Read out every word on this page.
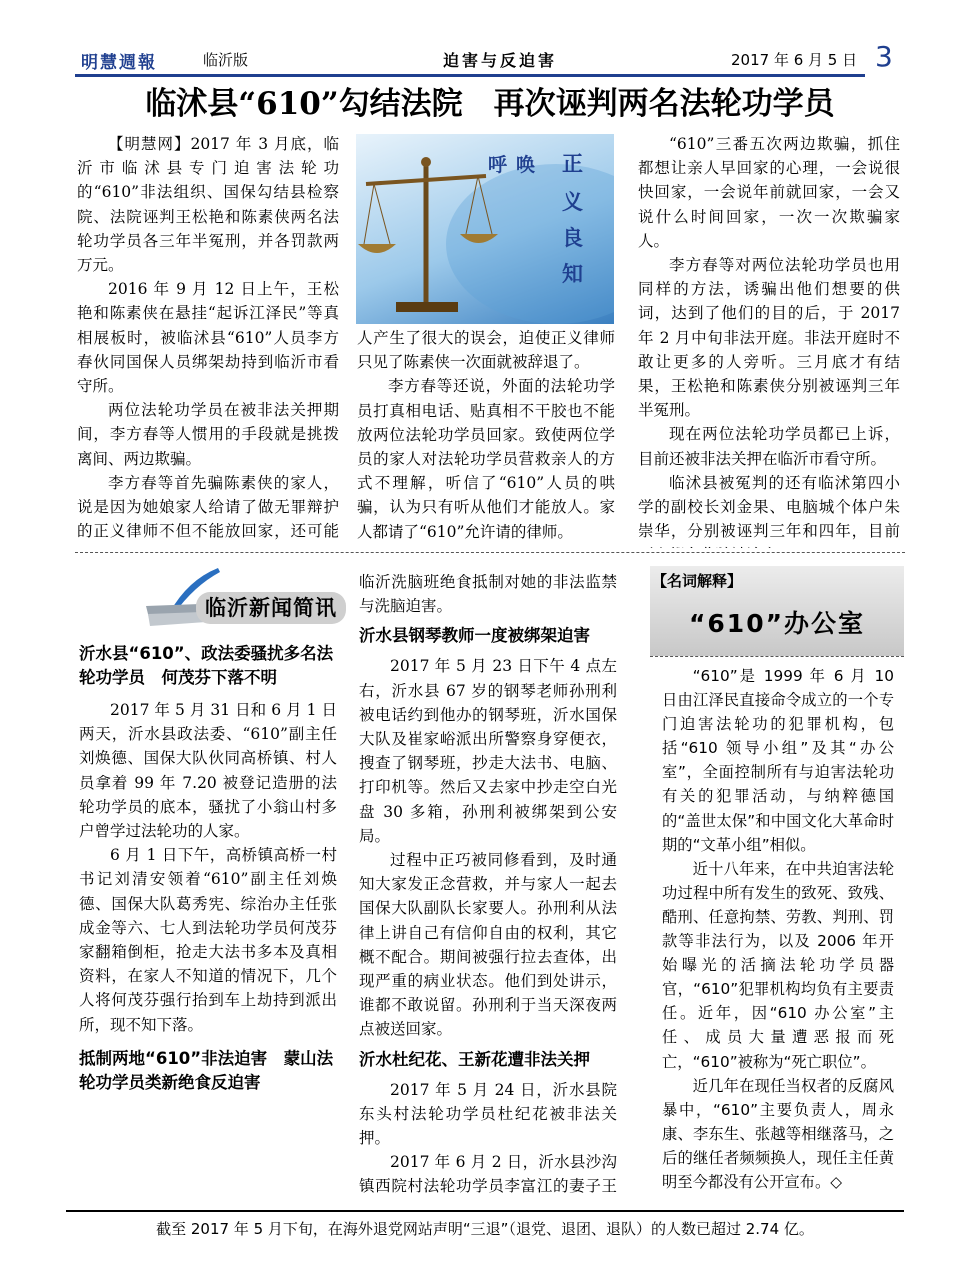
明慧週報	临沂版	迫害与反迫害	2017 年 6 月 5 日 3
临沭县“610”勾结法院　再次诬判两名法轮功学员

【明慧网】2017 年 3 月底，临沂市临沭县专门迫害法轮功的“610”非法组织、国保勾结县检察院、法院诬判王松艳和陈素侠两名法轮功学员各三年半冤刑，并各罚款两万元。

2016 年 9 月 12 日上午，王松艳和陈素侠在悬挂“起诉江泽民”等真相展板时，被临沭县“610”人员李方春伙同国保人员绑架劫持到临沂市看守所。

两位法轮功学员在被非法关押期间，李方春等人惯用的手段就是挑拨离间、两边欺骗。

李方春等首先骗陈素侠的家人，说是因为她娘家人给请了做无罪辩护的正义律师不但不能放回家，还可能

呼 唤 正
义
良
知

人产生了很大的误会，迫使正义律师只见了陈素侠一次面就被辞退了。

李方春等还说，外面的法轮功学员打真相电话、贴真相不干胶也不能放两位法轮功学员回家。致使两位学员的家人对法轮功学员营救亲人的方式不理解，听信了“610”人员的哄骗，认为只有听从他们才能放人。家人都请了“610”允许请的律师。

“610”三番五次两边欺骗，抓住都想让亲人早回家的心理，一会说很快回家，一会说年前就回家，一会又说什么时间回家，一次一次欺骗家人。

李方春等对两位法轮功学员也用同样的方法，诱骗出他们想要的供词，达到了他们的目的后，于 2017 年 2 月中旬非法开庭。非法开庭时不敢让更多的人旁听。三月底才有结果，王松艳和陈素侠分别被诬判三年半冤刑。

现在两位法轮功学员都已上诉，目前还被非法关押在临沂市看守所。

临沭县被冤判的还有临沭第四小学的副校长刘金果、电脑城个体户朱崇华，分别被诬判三年和四年，目前

临沂新闻简讯
沂水县“610”、政法委骚扰多名法轮功学员　何茂芬下落不明

2017 年 5 月 31 日和 6 月 1 日两天，沂水县政法委、“610”副主任刘焕德、国保大队伙同高桥镇、村人员拿着 99 年 7.20 被登记造册的法轮功学员的底本，骚扰了小翁山村多户曾学过法轮功的人家。

6 月 1 日下午，高桥镇高桥一村书记刘清安领着“610”副主任刘焕德、国保大队葛秀宪、综治办主任张成金等六、七人到法轮功学员何茂芬家翻箱倒柜，抢走大法书多本及真相资料，在家人不知道的情况下，几个人将何茂芬强行抬到车上劫持到派出所，现不知下落。

抵制两地“610”非法迫害　蒙山法轮功学员类新绝食反迫害

临沂洗脑班绝食抵制对她的非法监禁与洗脑迫害。

沂水县钢琴教师一度被绑架迫害

2017 年 5 月 23 日下午 4 点左右，沂水县 67 岁的钢琴老师孙刑利被电话约到他办的钢琴班，沂水国保大队及崔家峪派出所警察身穿便衣，搜查了钢琴班，抄走大法书、电脑、打印机等。然后又去家中抄走空白光盘 30 多箱，孙刑利被绑架到公安局。

过程中正巧被同修看到，及时通知大家发正念营救，并与家人一起去国保大队副队长家要人。孙刑利从法律上讲自己有信仰自由的权利，其它概不配合。期间被强行拉去查体，出现严重的病业状态。他们到处讲示，谁都不敢说留。孙刑利于当天深夜两点被送回家。

沂水杜纪花、王新花遭非法关押

2017 年 5 月 24 日，沂水县院东头村法轮功学员杜纪花被非法关押。

2017 年 6 月 2 日，沂水县沙沟镇西院村法轮功学员李富江的妻子王

【名词解释】
“610”办公室

“610”是 1999 年 6 月 10 日由江泽民直接命令成立的一个专门迫害法轮功的犯罪机构，包括“610 领导小组”及其“办公室”，全面控制所有与迫害法轮功有关的犯罪活动，与纳粹德国的“盖世太保”和中国文化大革命时期的“文革小组”相似。

近十八年来，在中共迫害法轮功过程中所有发生的致死、致残、酷刑、任意拘禁、劳教、判刑、罚款等非法行为，以及 2006 年开始曝光的活摘法轮功学员器官，“610”犯罪机构均负有主要责任。近年，因“610 办公室”主任、成员大量遭恶报而死亡，“610”被称为“死亡职位”。

近几年在现任当权者的反腐风暴中，“610”主要负责人，周永康、李东生、张越等相继落马，之后的继任者频频换人，现任主任黄明至今都没有公开宣布。◇

截至 2017 年 5 月下旬，在海外退党网站声明“三退”（退党、退团、退队）的人数已超过 2.74 亿。
